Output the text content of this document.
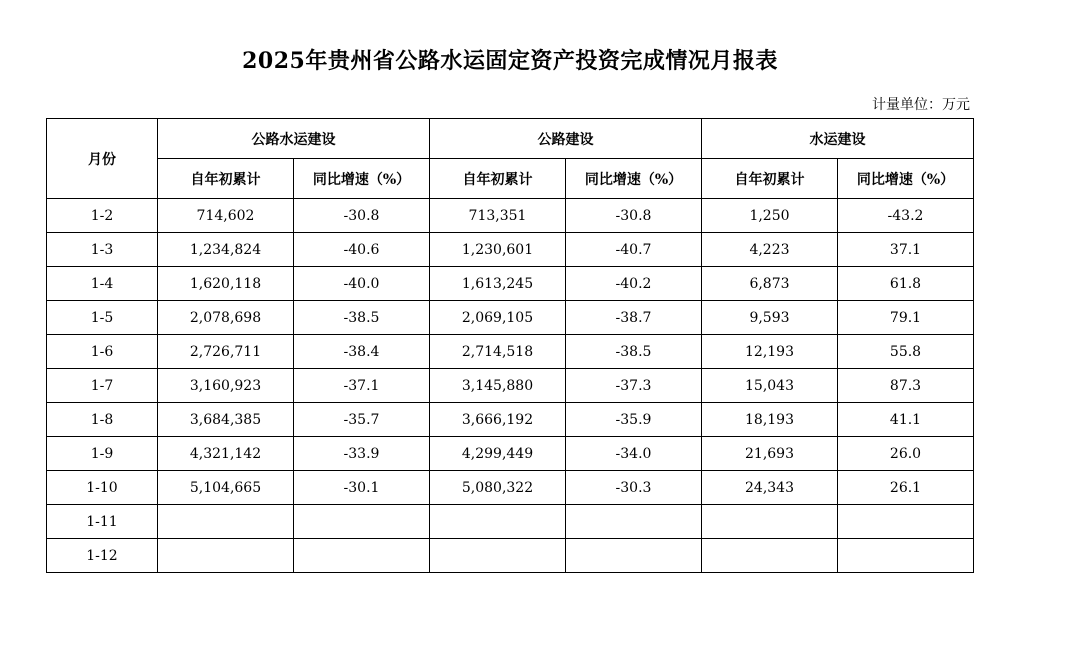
2025年贵州省公路水运固定资产投资完成情况月报表
计量单位：万元
月份	公路水运建设		公路建设		水运建设	
	自年初累计	同比增速（%）	自年初累计	同比增速（%）	自年初累计	同比增速（%）
1-2	714,602	-30.8	713,351	-30.8	1,250	-43.2
1-3	1,234,824	-40.6	1,230,601	-40.7	4,223	37.1
1-4	1,620,118	-40.0	1,613,245	-40.2	6,873	61.8
1-5	2,078,698	-38.5	2,069,105	-38.7	9,593	79.1
1-6	2,726,711	-38.4	2,714,518	-38.5	12,193	55.8
1-7	3,160,923	-37.1	3,145,880	-37.3	15,043	87.3
1-8	3,684,385	-35.7	3,666,192	-35.9	18,193	41.1
1-9	4,321,142	-33.9	4,299,449	-34.0	21,693	26.0
1-10	5,104,665	-30.1	5,080,322	-30.3	24,343	26.1
1-11						
1-12						
